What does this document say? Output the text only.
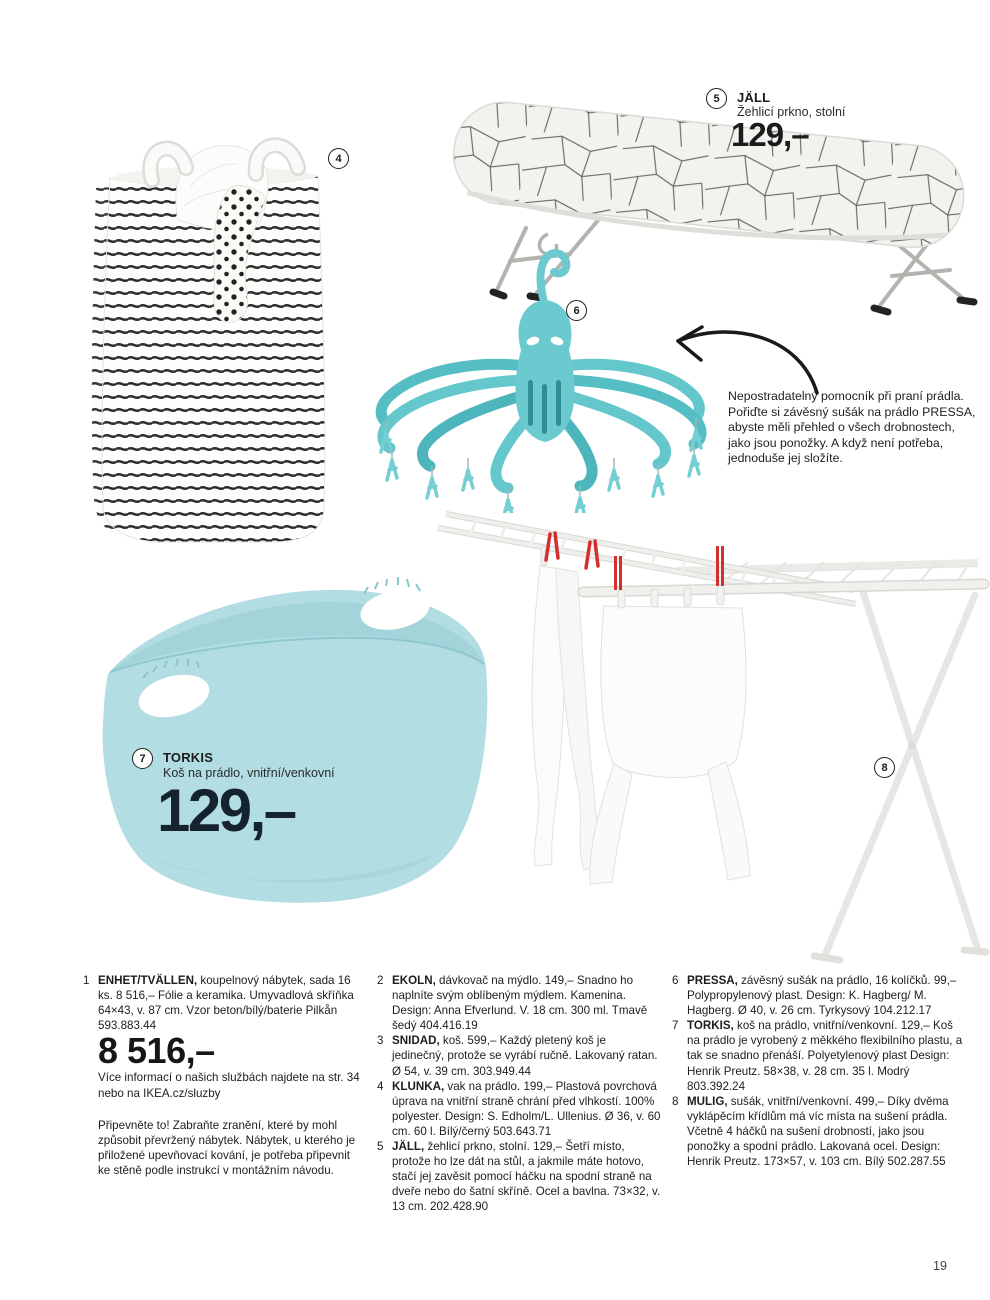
4
5
6
7
8
JÄLL
Žehlicí prkno, stolní
129,–
Nepostradatelný pomocník při praní prádla. Pořiďte si závěsný sušák na prádlo PRESSA, abyste měli přehled o všech drobnostech, jako jsou ponožky. A když není potřeba, jednoduše jej složíte.
TORKIS
Koš na prádlo, vnitřní/venkovní
129,–
1 ENHET/TVÄLLEN, koupelnový nábytek, sada 16 ks. 8 516,– Fólie a keramika. Umyvadlová skříňka 64×43, v. 87 cm. Vzor beton/bílý/baterie Pilkån 593.883.44

8 516,–
Více informací o našich službách najdete na str. 34 nebo na IKEA.cz/sluzby
Připevněte to! Zabraňte zranění, které by mohl způsobit převržený nábytek. Nábytek, u kterého je přiložené upevňovací kování, je potřeba připevnit ke stěně podle instrukcí v montážním návodu.
2 EKOLN, dávkovač na mýdlo. 149,– Snadno ho naplníte svým oblíbeným mýdlem. Kamenina. Design: Anna Efverlund. V. 18 cm. 300 ml. Tmavě šedý 404.416.19

3 SNIDAD, koš. 599,– Každý pletený koš je jedinečný, protože se vyrábí ručně. Lakovaný ratan. Ø 54, v. 39 cm. 303.949.44

4 KLUNKA, vak na prádlo. 199,– Plastová povrchová úprava na vnitřní straně chrání před vlhkostí. 100% polyester. Design: S. Edholm/L. Ullenius. Ø 36, v. 60 cm. 60 l. Bílý/černý 503.643.71

5 JÄLL, žehlicí prkno, stolní. 129,– Šetří místo, protože ho lze dát na stůl, a jakmile máte hotovo, stačí jej zavěsit pomocí háčku na spodní straně na dveře nebo do šatní skříně. Ocel a bavlna. 73×32, v. 13 cm. 202.428.90

6 PRESSA, závěsný sušák na prádlo, 16 kolíčků. 99,– Polypropylenový plast. Design: K. Hagberg/ M. Hagberg. Ø 40, v. 26 cm. Tyrkysový 104.212.17

7 TORKIS, koš na prádlo, vnitřní/venkovní. 129,– Koš na prádlo je vyrobený z měkkého flexibilního plastu, a tak se snadno přenáší. Polyetylenový plast Design: Henrik Preutz. 58×38, v. 28 cm. 35 l. Modrý 803.392.24

8 MULIG, sušák, vnitřní/venkovní. 499,– Díky dvěma vyklápěcím křídlům má víc místa na sušení prádla. Včetně 4 háčků na sušení drobností, jako jsou ponožky a spodní prádlo. Lakovaná ocel. Design: Henrik Preutz. 173×57, v. 103 cm. Bílý 502.287.55

19
